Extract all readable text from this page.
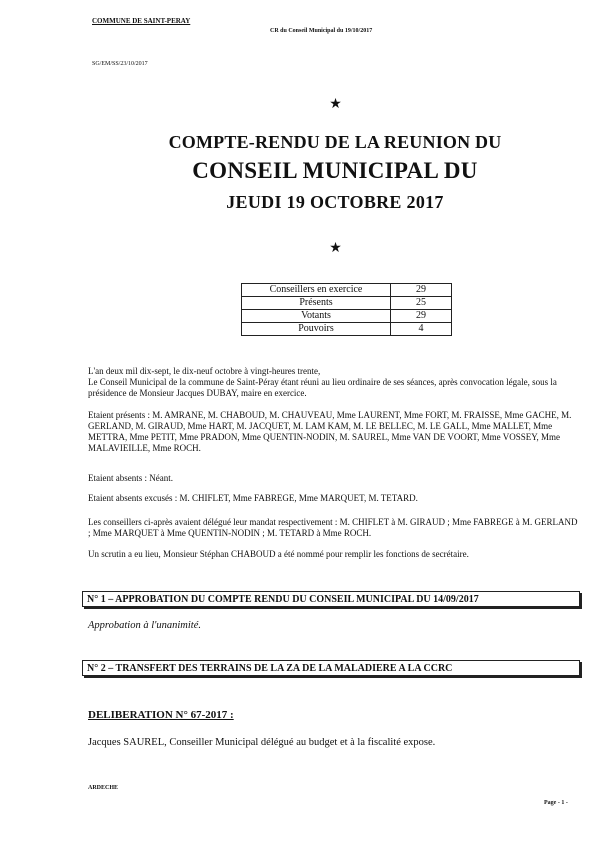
COMMUNE DE SAINT-PERAY
CR du Conseil Municipal du 19/10/2017
SG/EM/SS/23/10/2017
★
COMPTE-RENDU DE LA REUNION DU
CONSEIL MUNICIPAL DU
JEUDI 19 OCTOBRE 2017
★
Conseillers en exercice	29
Présents	25
Votants	29
Pouvoirs	4
L'an deux mil dix-sept, le dix-neuf octobre à vingt-heures trente,
Le Conseil Municipal de la commune de Saint-Péray étant réuni au lieu ordinaire de ses séances, après convocation légale, sous la présidence de Monsieur Jacques DUBAY, maire en exercice.
Etaient présents : M. AMRANE, M. CHABOUD, M. CHAUVEAU, Mme LAURENT, Mme FORT, M. FRAISSE, Mme GACHE, M. GERLAND, M. GIRAUD, Mme HART, M. JACQUET, M. LAM KAM, M. LE BELLEC, M. LE GALL, Mme MALLET, Mme METTRA, Mme PETIT, Mme PRADON, Mme QUENTIN-NODIN, M. SAUREL, Mme VAN DE VOORT, Mme VOSSEY, Mme MALAVIEILLE, Mme ROCH.
Etaient absents : Néant.
Etaient absents excusés : M. CHIFLET, Mme FABREGE, Mme MARQUET, M. TETARD.
Les conseillers ci-après avaient délégué leur mandat respectivement : M. CHIFLET à M. GIRAUD ; Mme FABREGE à M. GERLAND ; Mme MARQUET à Mme QUENTIN-NODIN ; M. TETARD à Mme ROCH.
Un scrutin a eu lieu, Monsieur Stéphan CHABOUD a été nommé pour remplir les fonctions de secrétaire.
N° 1 – APPROBATION DU COMPTE RENDU DU CONSEIL MUNICIPAL DU 14/09/2017
Approbation à l'unanimité.
N° 2 – TRANSFERT DES TERRAINS DE LA ZA DE LA MALADIERE A LA CCRC
DELIBERATION N° 67-2017 :
Jacques SAUREL, Conseiller Municipal délégué au budget et à la fiscalité expose.
ARDECHE
Page - 1 -
